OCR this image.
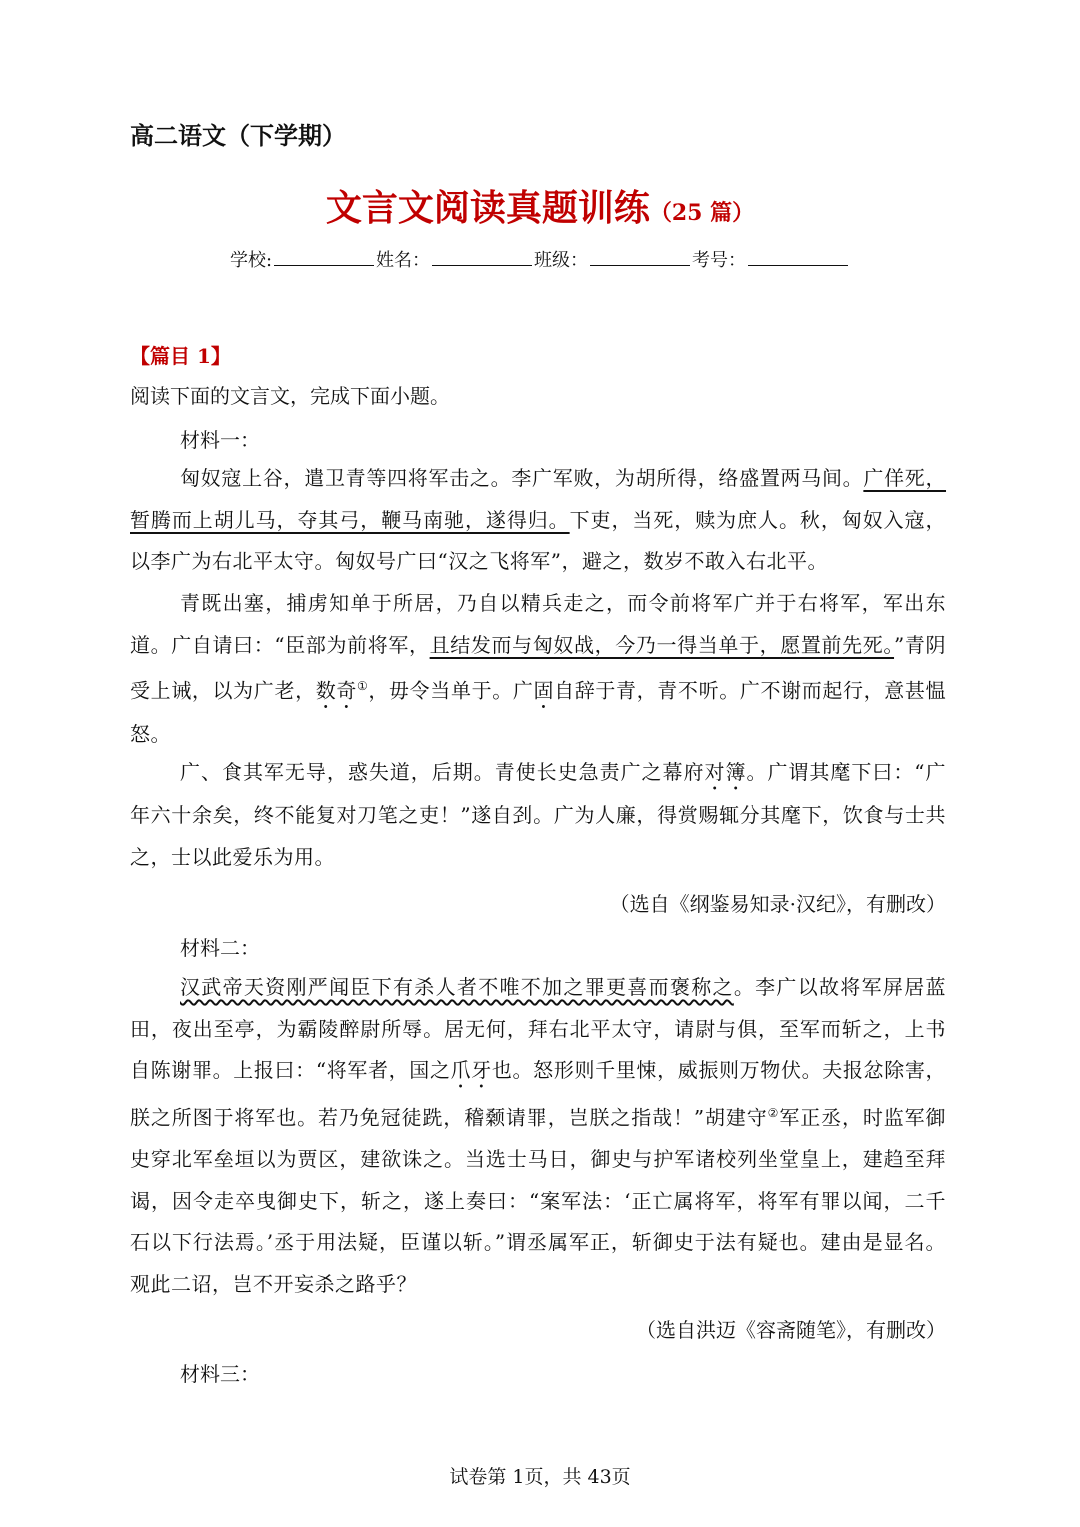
高二语文（下学期）
文言文阅读真题训练（25 篇）
学校:	姓名：	班级：	考号：
【篇目 1】
阅读下面的文言文，完成下面小题。
材料一：
匈奴寇上谷，遣卫青等四将军击之。李广军败，为胡所得，络盛置两马间。广佯死，暂腾而上胡儿马，夺其弓，鞭马南驰，遂得归。下吏，当死，赎为庶人。秋，匈奴入寇，以李广为右北平太守。匈奴号广曰“汉之飞将军”，避之，数岁不敢入右北平。
青既出塞，捕虏知单于所居，乃自以精兵走之，而令前将军广并于右将军，军出东道。广自请曰：“臣部为前将军，且结发而与匈奴战，今乃一得当单于，愿置前先死。”青阴受上诫，以为广老，数奇①，毋令当单于。广固自辞于青，青不听。广不谢而起行，意甚愠怒。
广、食其军无导，惑失道，后期。青使长史急责广之幕府对簿。广谓其麾下曰：“广年六十余矣，终不能复对刀笔之吏！”遂自刭。广为人廉，得赏赐辄分其麾下，饮食与士共之，士以此爱乐为用。
（选自《纲鉴易知录·汉纪》，有删改）
材料二：
汉武帝天资刚严闻臣下有杀人者不唯不加之罪更喜而褒称之。李广以故将军屏居蓝田，夜出至亭，为霸陵醉尉所辱。居无何，拜右北平太守，请尉与俱，至军而斩之，上书自陈谢罪。上报曰：“将军者，国之爪牙也。怒形则千里悚，威振则万物伏。夫报忿除害，朕之所图于将军也。若乃免冠徒跣，稽颡请罪，岂朕之指哉！”胡建守②军正丞，时监军御史穿北军垒垣以为贾区，建欲诛之。当选士马日，御史与护军诸校列坐堂皇上，建趋至拜谒，因令走卒曳御史下，斩之，遂上奏曰：“案军法：‘正亡属将军，将军有罪以闻，二千石以下行法焉。’丞于用法疑，臣谨以斩。”谓丞属军正，斩御史于法有疑也。建由是显名。观此二诏，岂不开妄杀之路乎？
（选自洪迈《容斋随笔》，有删改）
材料三：
试卷第 1页，共 43页
